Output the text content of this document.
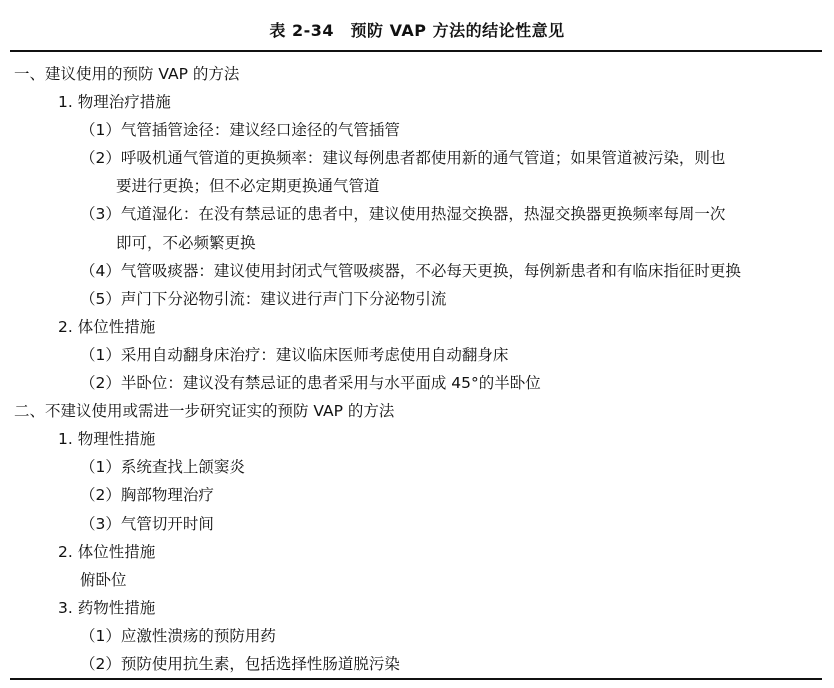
表 2-34　预防 VAP 方法的结论性意见
一、建议使用的预防 VAP 的方法
1. 物理治疗措施
（1）气管插管途径：建议经口途径的气管插管
（2）呼吸机通气管道的更换频率：建议每例患者都使用新的通气管道；如果管道被污染，则也
要进行更换；但不必定期更换通气管道
（3）气道湿化：在没有禁忌证的患者中，建议使用热湿交换器，热湿交换器更换频率每周一次
即可，不必频繁更换
（4）气管吸痰器：建议使用封闭式气管吸痰器，不必每天更换，每例新患者和有临床指征时更换
（5）声门下分泌物引流：建议进行声门下分泌物引流
2. 体位性措施
（1）采用自动翻身床治疗：建议临床医师考虑使用自动翻身床
（2）半卧位：建议没有禁忌证的患者采用与水平面成 45°的半卧位
二、不建议使用或需进一步研究证实的预防 VAP 的方法
1. 物理性措施
（1）系统查找上颌窦炎
（2）胸部物理治疗
（3）气管切开时间
2. 体位性措施
俯卧位
3. 药物性措施
（1）应激性溃疡的预防用药
（2）预防使用抗生素，包括选择性肠道脱污染
